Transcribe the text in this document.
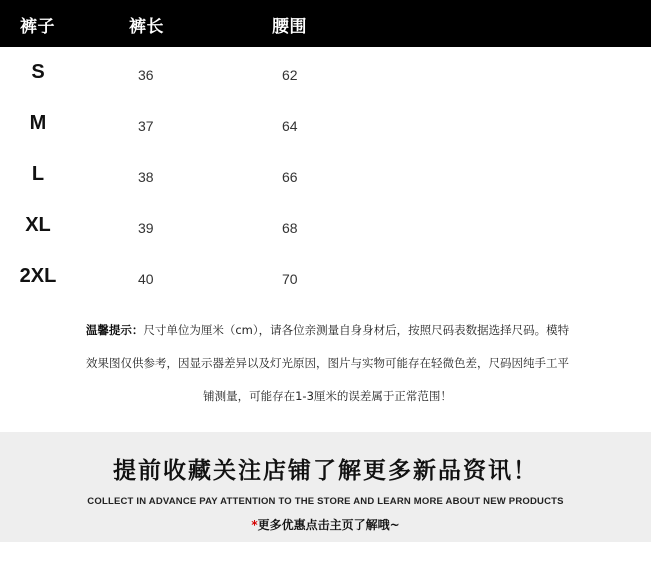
裤子	裤长	腰围
S	36	62
M	37	64
L	38	66
XL	39	68
2XL	40	70
温馨提示：尺寸单位为厘米（cm），请各位亲测量自身身材后，按照尺码表数据选择尺码。模特
效果图仅供参考，因显示器差异以及灯光原因，图片与实物可能存在轻微色差，尺码因纯手工平
铺测量，可能存在1-3厘米的误差属于正常范围！
提前收藏关注店铺了解更多新品资讯！
COLLECT IN ADVANCE PAY ATTENTION TO THE STORE AND LEARN MORE ABOUT NEW PRODUCTS
*更多优惠点击主页了解哦~
